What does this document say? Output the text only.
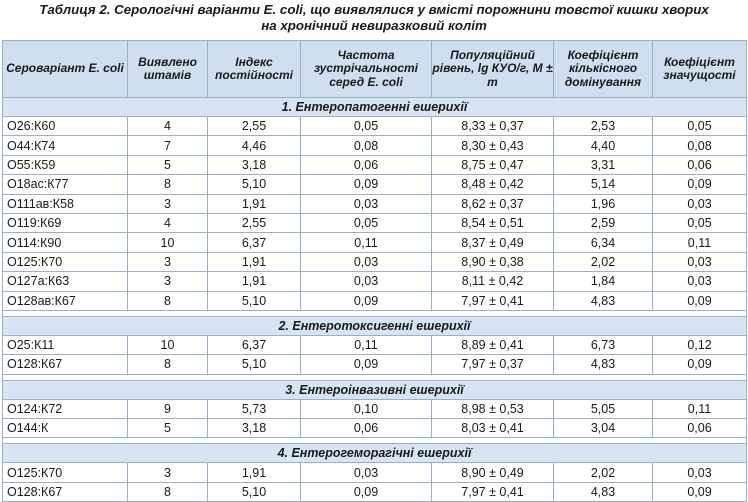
Таблиця 2. Серологічні варіанти E. coli, що виявлялися у вмісті порожнини товстої кишки хворих
на хронічний невиразковий коліт
Сероваріант E. coli	Виявлено штамів	Індекс постійності	Частота зустрічальності серед E. coli	Популяційний рівень, lg КУО/г, M ± m	Коефіцієнт кількісного домінування	Коефіцієнт значущості
1. Ентеропатогенні ешерихії						
О26:К60	4	2,55	0,05	8,33 ± 0,37	2,53	0,05
О44:К74	7	4,46	0,08	8,30 ± 0,43	4,40	0,08
О55:К59	5	3,18	0,06	8,75 ± 0,47	3,31	0,06
О18ас:К77	8	5,10	0,09	8,48 ± 0,42	5,14	0,09
О111ав:К58	3	1,91	0,03	8,62 ± 0,37	1,96	0,03
О119:К69	4	2,55	0,05	8,54 ± 0,51	2,59	0,05
О114:К90	10	6,37	0,11	8,37 ± 0,49	6,34	0,11
О125:К70	3	1,91	0,03	8,90 ± 0,38	2,02	0,03
О127а:К63	3	1,91	0,03	8,11 ± 0,42	1,84	0,03
О128ав:К67	8	5,10	0,09	7,97 ± 0,41	4,83	0,09

2. Ентеротоксигенні ешерихії						
О25:К11	10	6,37	0,11	8,89 ± 0,41	6,73	0,12
О128:К67	8	5,10	0,09	7,97 ± 0,37	4,83	0,09

3. Ентероінвазивні ешерихії						
О124:К72	9	5,73	0,10	8,98 ± 0,53	5,05	0,11
О144:К	5	3,18	0,06	8,03 ± 0,41	3,04	0,06

4. Ентерогеморагічні ешерихії						
О125:К70	3	1,91	0,03	8,90 ± 0,49	2,02	0,03
О128:К67	8	5,10	0,09	7,97 ± 0,41	4,83	0,09
